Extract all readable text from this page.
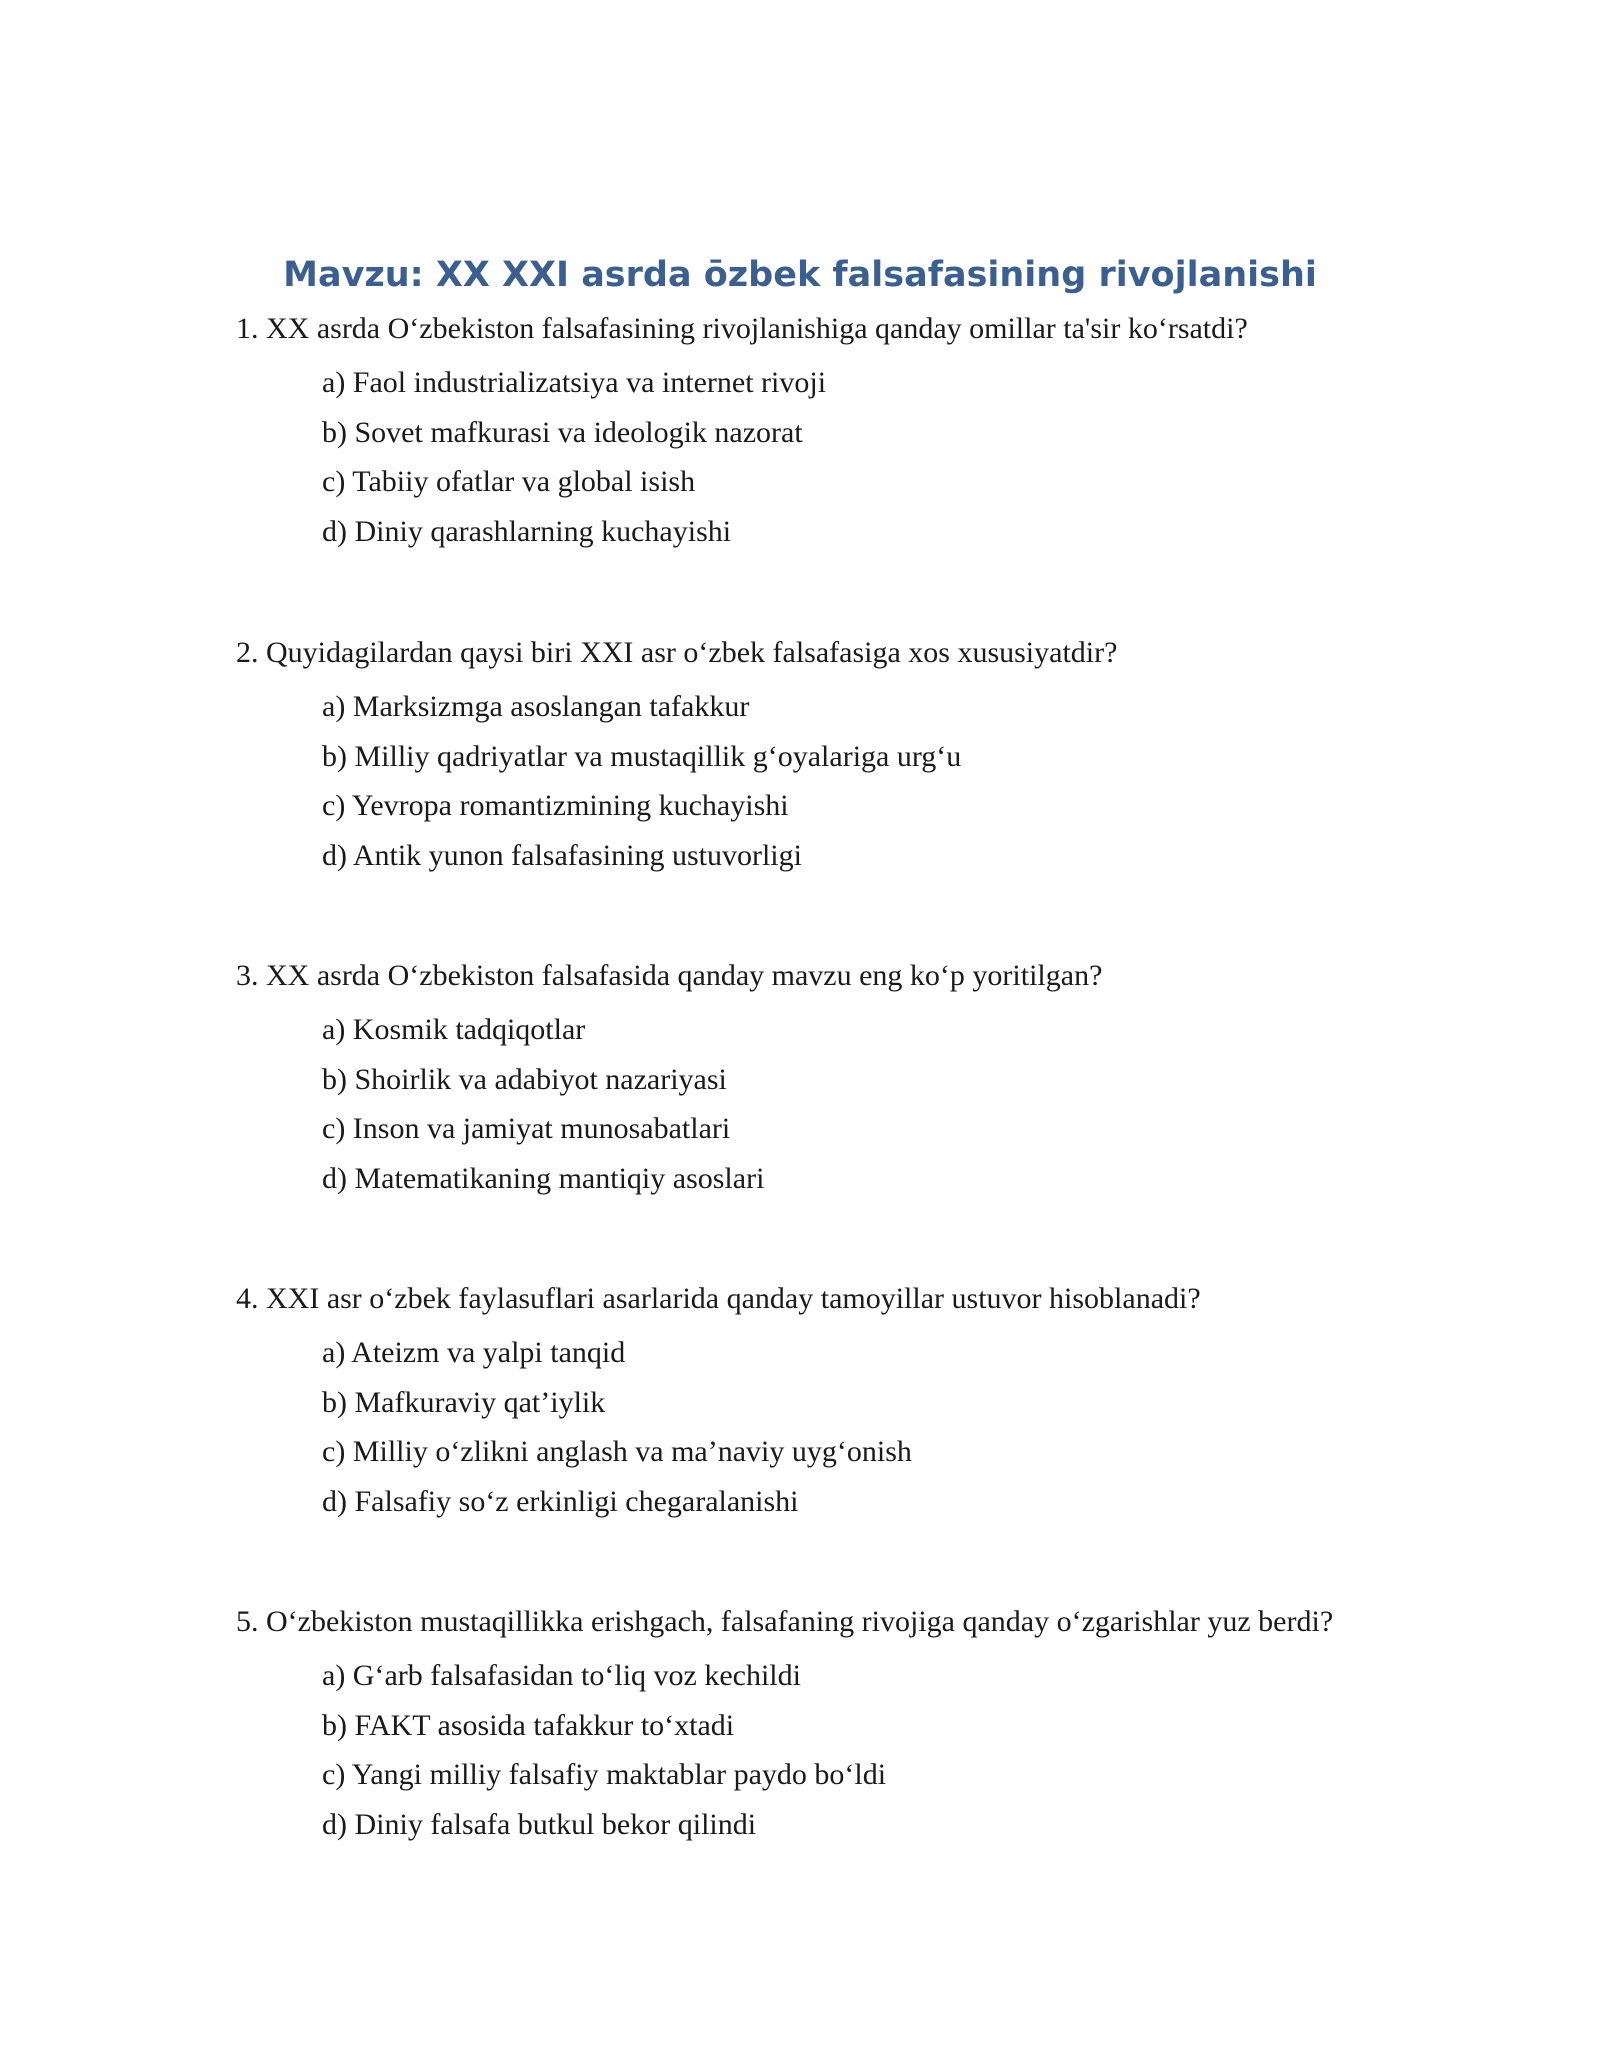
Mavzu: XX XXI asrda ōzbek falsafasining rivojlanishi

1. XX asrda O‘zbekiston falsafasining rivojlanishiga qanday omillar ta'sir ko‘rsatdi?

a) Faol industrializatsiya va internet rivoji
b) Sovet mafkurasi va ideologik nazorat
c) Tabiiy ofatlar va global isish
d) Diniy qarashlarning kuchayishi

2. Quyidagilardan qaysi biri XXI asr o‘zbek falsafasiga xos xususiyatdir?

a) Marksizmga asoslangan tafakkur
b) Milliy qadriyatlar va mustaqillik g‘oyalariga urg‘u
c) Yevropa romantizmining kuchayishi
d) Antik yunon falsafasining ustuvorligi

3. XX asrda O‘zbekiston falsafasida qanday mavzu eng ko‘p yoritilgan?

a) Kosmik tadqiqotlar
b) Shoirlik va adabiyot nazariyasi
c) Inson va jamiyat munosabatlari
d) Matematikaning mantiqiy asoslari

4. XXI asr o‘zbek faylasuflari asarlarida qanday tamoyillar ustuvor hisoblanadi?

a) Ateizm va yalpi tanqid
b) Mafkuraviy qat’iylik
c) Milliy o‘zlikni anglash va ma’naviy uyg‘onish
d) Falsafiy so‘z erkinligi chegaralanishi

5. O‘zbekiston mustaqillikka erishgach, falsafaning rivojiga qanday o‘zgarishlar yuz berdi?

a) G‘arb falsafasidan to‘liq voz kechildi
b) FAKT asosida tafakkur to‘xtadi
c) Yangi milliy falsafiy maktablar paydo bo‘ldi
d) Diniy falsafa butkul bekor qilindi
